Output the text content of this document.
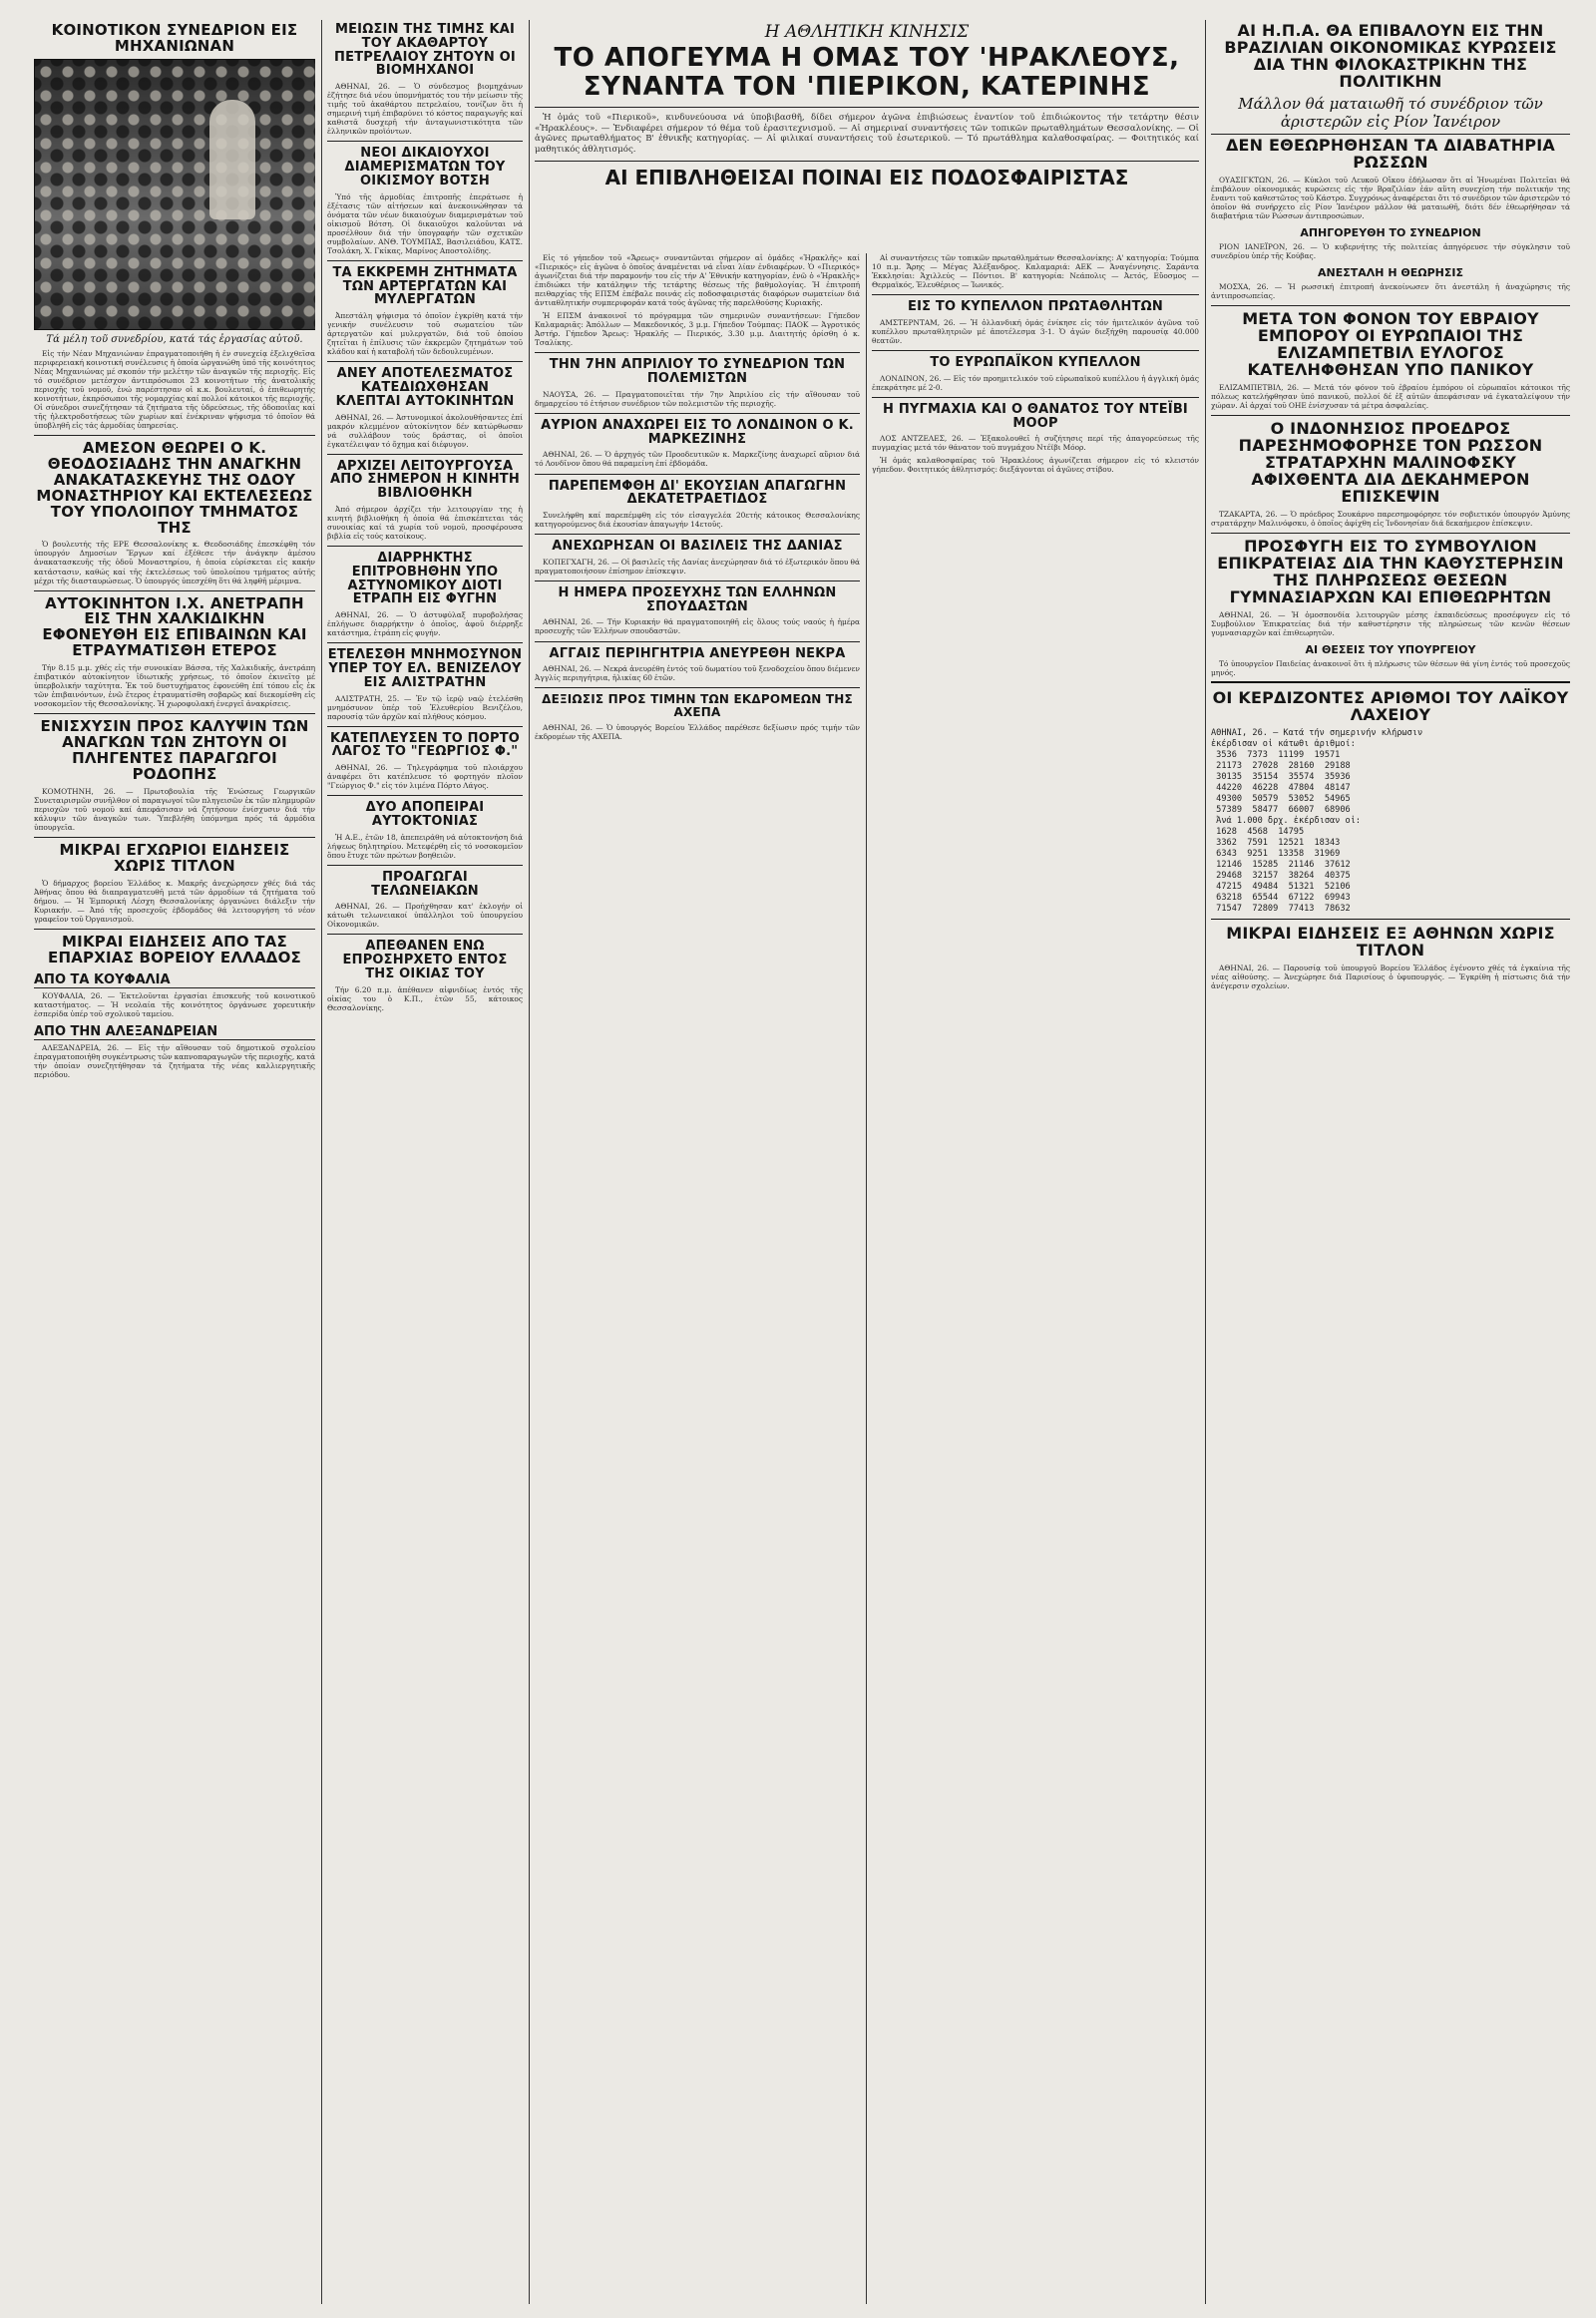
ΚΟΙΝΟΤΙΚΟΝ ΣΥΝΕΔΡΙΟΝ ΕΙΣ ΜΗΧΑΝΙΩΝΑΝ
Τά μέλη τοῦ συνεδρίου, κατά τάς ἐργασίας αὐτοῦ.
Εἰς τήν Νέαν Μηχανιώναν ἐπραγματοποιήθη ἡ ἐν συνεχείᾳ ἐξελιχθεῖσα περιφερειακή κοινοτική συνέλευσις ἡ ὁποία ὠργανώθη ὑπό τῆς κοινότητος Νέας Μηχανιώνας μέ σκοπόν τήν μελέτην τῶν ἀναγκῶν τῆς περιοχῆς. Εἰς τό συνέδριον μετέσχον ἀντιπρόσωποι 23 κοινοτήτων τῆς ἀνατολικῆς περιοχῆς τοῦ νομοῦ, ἐνώ παρέστησαν οἱ κ.κ. βουλευταί, ὁ ἐπιθεωρητής κοινοτήτων, ἐκπρόσωποι τῆς νομαρχίας καί πολλοί κάτοικοι τῆς περιοχῆς. Οἱ σύνεδροι συνεζήτησαν τά ζητήματα τῆς ὑδρεύσεως, τῆς ὁδοποιΐας καί τῆς ἠλεκτροδοτήσεως τῶν χωρίων καί ἐνέκριναν ψήφισμα τό ὁποῖον θά ὑποβληθῆ εἰς τάς ἁρμοδίας ὑπηρεσίας.
ΑΜΕΣΟΝ ΘΕΩΡΕΙ Ο Κ. ΘΕΟΔΟΣΙΑΔΗΣ ΤΗΝ ΑΝΑΓΚΗΝ ΑΝΑΚΑΤΑΣΚΕΥΗΣ ΤΗΣ ΟΔΟΥ ΜΟΝΑΣΤΗΡΙΟΥ ΚΑΙ ΕΚΤΕΛΕΣΕΩΣ ΤΟΥ ΥΠΟΛΟΙΠΟΥ ΤΜΗΜΑΤΟΣ ΤΗΣ
Ὁ βουλευτής τῆς ΕΡΕ Θεσσαλονίκης κ. Θεοδοσιάδης ἐπεσκέφθη τόν ὑπουργόν Δημοσίων Ἔργων καί ἐξέθεσε τήν ἀνάγκην ἀμέσου ἀνακατασκευῆς τῆς ὁδοῦ Μοναστηρίου, ἡ ὁποία εὑρίσκεται εἰς κακήν κατάστασιν, καθώς καί τῆς ἐκτελέσεως τοῦ ὑπολοίπου τμήματος αὐτῆς μέχρι τῆς διασταυρώσεως. Ὁ ὑπουργός ὑπεσχέθη ὅτι θά ληφθῆ μέριμνα.
ΑΥΤΟΚΙΝΗΤΟΝ Ι.Χ. ΑΝΕΤΡΑΠΗ ΕΙΣ ΤΗΝ ΧΑΛΚΙΔΙΚΗΝ ΕΦΟΝΕΥΘΗ ΕΙΣ ΕΠΙΒΑΙΝΩΝ ΚΑΙ ΕΤΡΑΥΜΑΤΙΣΘΗ ΕΤΕΡΟΣ
Τήν 8.15 μ.μ. χθές εἰς τήν συνοικίαν Βάσσα, τῆς Χαλκιδικῆς, ἀνετράπη ἐπιβατικόν αὐτοκίνητον ἰδιωτικῆς χρήσεως, τό ὁποῖον ἐκινεῖτο μέ ὑπερβολικήν ταχύτητα. Ἐκ τοῦ δυστυχήματος ἐφονεύθη ἐπί τόπου εἷς ἐκ τῶν ἐπιβαινόντων, ἐνῶ ἕτερος ἐτραυματίσθη σοβαρῶς καί διεκομίσθη εἰς νοσοκομεῖον τῆς Θεσσαλονίκης. Ἡ χωροφυλακή ἐνεργεῖ ἀνακρίσεις.
ΕΝΙΣΧΥΣΙΝ ΠΡΟΣ ΚΑΛΥΨΙΝ ΤΩΝ ΑΝΑΓΚΩΝ ΤΩΝ ΖΗΤΟΥΝ ΟΙ ΠΛΗΓΕΝΤΕΣ ΠΑΡΑΓΩΓΟΙ ΡΟΔΟΠΗΣ
ΚΟΜΟΤΗΝΗ, 26. — Πρωτοβουλία τῆς Ἑνώσεως Γεωργικῶν Συνεταιρισμῶν συνῆλθον οἱ παραγωγοί τῶν πληγεισῶν ἐκ τῶν πλημμυρῶν περιοχῶν τοῦ νομοῦ καί ἀπεφάσισαν νά ζητήσουν ἐνίσχυσιν διά τήν κάλυψιν τῶν ἀναγκῶν των. Ὑπεβλήθη ὑπόμνημα πρός τά ἁρμόδια ὑπουργεῖα.
ΜΙΚΡΑΙ ΕΓΧΩΡΙΟΙ ΕΙΔΗΣΕΙΣ ΧΩΡΙΣ ΤΙΤΛΟΝ
Ὁ δήμαρχος βορείου Ἑλλάδος κ. Μακρῆς ἀνεχώρησεν χθές διά τάς Ἀθήνας ὅπου θά διαπραγματευθῆ μετά τῶν ἁρμοδίων τά ζητήματα τοῦ δήμου. — Ἡ Ἐμπορική Λέσχη Θεσσαλονίκης ὀργανώνει διάλεξιν τήν Κυριακήν. — Ἀπό τῆς προσεχοῦς ἑβδομάδος θά λειτουργήση τό νέον γραφεῖον τοῦ Ὀργανισμοῦ.
ΜΙΚΡΑΙ ΕΙΔΗΣΕΙΣ ΑΠΟ ΤΑΣ ΕΠΑΡΧΙΑΣ ΒΟΡΕΙΟΥ ΕΛΛΑΔΟΣ
ΑΠΟ ΤΑ ΚΟΥΦΑΛΙΑ
ΚΟΥΦΑΛΙΑ, 26. — Ἐκτελοῦνται ἐργασίαι ἐπισκευῆς τοῦ κοινοτικοῦ καταστήματος. — Ἡ νεολαία τῆς κοινότητος ὀργάνωσε χορευτικήν ἑσπερίδα ὑπέρ τοῦ σχολικοῦ ταμείου.
ΑΠΟ ΤΗΝ ΑΛΕΞΑΝΔΡΕΙΑΝ
ΑΛΕΞΑΝΔΡΕΙΑ, 26. — Εἰς τήν αἴθουσαν τοῦ δημοτικοῦ σχολείου ἐπραγματοποιήθη συγκέντρωσις τῶν καπνοπαραγωγῶν τῆς περιοχῆς, κατά τήν ὁποίαν συνεζητήθησαν τά ζητήματα τῆς νέας καλλιεργητικῆς περιόδου.
ΜΕΙΩΣΙΝ ΤΗΣ ΤΙΜΗΣ ΚΑΙ ΤΟΥ ΑΚΑΘΑΡΤΟΥ ΠΕΤΡΕΛΑΙΟΥ ΖΗΤΟΥΝ ΟΙ ΒΙΟΜΗΧΑΝΟΙ
ΑΘΗΝΑΙ, 26. — Ὁ σύνδεσμος βιομηχάνων ἐζήτησε διά νέου ὑπομνήματός του τήν μείωσιν τῆς τιμῆς τοῦ ἀκαθάρτου πετρελαίου, τονίζων ὅτι ἡ σημερινή τιμή ἐπιβαρύνει τό κόστος παραγωγῆς καί καθιστᾶ δυσχερῆ τήν ἀνταγωνιστικότητα τῶν ἑλληνικῶν προϊόντων.
ΝΕΟΙ ΔΙΚΑΙΟΥΧΟΙ ΔΙΑΜΕΡΙΣΜΑΤΩΝ ΤΟΥ ΟΙΚΙΣΜΟΥ ΒΟΤΣΗ
Ὑπό τῆς ἀρμοδίας ἐπιτροπῆς ἐπεράτωσε ἡ ἐξέτασις τῶν αἰτήσεων καί ἀνεκοινώθησαν τά ὀνόματα τῶν νέων δικαιούχων διαμερισμάτων τοῦ οἰκισμοῦ Βότση. Οἱ δικαιοῦχοι καλοῦνται νά προσέλθουν διά τήν ὑπογραφήν τῶν σχετικῶν συμβολαίων. ΑΝΘ. ΤΟΥΜΠΑΣ, Βασιλειάδου, ΚΑΤΣ. Τσολάκη, Χ. Γκίκας, Μαρίνος Αποστολίδης.
ΤΑ ΕΚΚΡΕΜΗ ΖΗΤΗΜΑΤΑ ΤΩΝ ΑΡΤΕΡΓΑΤΩΝ ΚΑΙ ΜΥΛΕΡΓΑΤΩΝ
Ἀπεστάλη ψήφισμα τό ὁποῖον ἐγκρίθη κατά τήν γενικήν συνέλευσιν τοῦ σωματείου τῶν ἀρτεργατῶν καί μυλεργατῶν, διά τοῦ ὁποίου ζητεῖται ἡ ἐπίλυσις τῶν ἐκκρεμῶν ζητημάτων τοῦ κλάδου καί ἡ καταβολή τῶν δεδουλευμένων.
ΑΝΕΥ ΑΠΟΤΕΛΕΣΜΑΤΟΣ ΚΑΤΕΔΙΩΧΘΗΣΑΝ ΚΛΕΠΤΑΙ ΑΥΤΟΚΙΝΗΤΩΝ
ΑΘΗΝΑΙ, 26. — Ἀστυνομικοί ἀκολουθήσαντες ἐπί μακρόν κλεμμένον αὐτοκίνητον δέν κατώρθωσαν νά συλλάβουν τούς δράστας, οἱ ὁποῖοι ἐγκατέλειψαν τό ὄχημα καί διέφυγον.
ΑΡΧΙΖΕΙ ΛΕΙΤΟΥΡΓΟΥΣΑ ΑΠΟ ΣΗΜΕΡΟΝ Η ΚΙΝΗΤΗ ΒΙΒΛΙΟΘΗΚΗ
Ἀπό σήμερον ἀρχίζει τήν λειτουργίαν της ἡ κινητή βιβλιοθήκη ἡ ὁποία θά ἐπισκέπτεται τάς συνοικίας καί τά χωρία τοῦ νομοῦ, προσφέρουσα βιβλία εἰς τούς κατοίκους.
ΔΙΑΡΡΗΚΤΗΣ ΕΠΙΤΡΟΒΗΘΗΝ ΥΠΟ ΑΣΤΥΝΟΜΙΚΟΥ ΔΙΟΤΙ ΕΤΡΑΠΗ ΕΙΣ ΦΥΓΗΝ
ΑΘΗΝΑΙ, 26. — Ὁ ἀστυφύλαξ πυροβολήσας ἐπλήγωσε διαρρήκτην ὁ ὁποῖος, ἀφοῦ διέρρηξε κατάστημα, ἐτράπη εἰς φυγήν.
ΕΤΕΛΕΣΘΗ ΜΝΗΜΟΣΥΝΟΝ ΥΠΕΡ ΤΟΥ ΕΛ. ΒΕΝΙΖΕΛΟΥ ΕΙΣ ΑΛΙΣΤΡΑΤΗΝ
ΑΛΙΣΤΡΑΤΗ, 25. — Ἐν τῷ ἱερῷ ναῷ ἐτελέσθη μνημόσυνον ὑπέρ τοῦ Ἐλευθερίου Βενιζέλου, παρουσίᾳ τῶν ἀρχῶν καί πλήθους κόσμου.
ΚΑΤΕΠΛΕΥΣΕΝ ΤΟ ΠΟΡΤΟ ΛΑΓΟΣ ΤΟ "ΓΕΩΡΓΙΟΣ Φ."
ΑΘΗΝΑΙ, 26. — Τηλεγράφημα τοῦ πλοιάρχου ἀναφέρει ὅτι κατέπλευσε τό φορτηγόν πλοῖον "Γεώργιος Φ." εἰς τόν λιμένα Πόρτο Λάγος.
ΔΥΟ ΑΠΟΠΕΙΡΑΙ ΑΥΤΟΚΤΟΝΙΑΣ
Ἡ Α.Ε., ἐτῶν 18, ἀπεπειράθη νά αὐτοκτονήση διά λήψεως δηλητηρίου. Μετεφέρθη εἰς τό νοσοκομεῖον ὅπου ἔτυχε τῶν πρώτων βοηθειῶν.
ΠΡΟΑΓΩΓΑΙ ΤΕΛΩΝΕΙΑΚΩΝ
ΑΘΗΝΑΙ, 26. — Προήχθησαν κατ' ἐκλογήν οἱ κάτωθι τελωνειακοί ὑπάλληλοι τοῦ ὑπουργείου Οἰκονομικῶν.
ΑΠΕΘΑΝΕΝ ΕΝΩ ΕΠΡΟΣΗΡΧΕΤΟ ΕΝΤΟΣ ΤΗΣ ΟΙΚΙΑΣ ΤΟΥ
Τήν 6.20 π.μ. ἀπέθανεν αἰφνιδίως ἐντός τῆς οἰκίας του ὁ Κ.Π., ἐτῶν 55, κάτοικος Θεσσαλονίκης.
Η ΑΘΛΗΤΙΚΗ ΚΙΝΗΣΙΣ
ΤΟ ΑΠΟΓΕΥΜΑ Η ΟΜΑΣ ΤΟΥ 'ΗΡΑΚΛΕΟΥΣ, ΣΥΝΑΝΤΑ ΤΟΝ 'ΠΙΕΡΙΚΟΝ, ΚΑΤΕΡΙΝΗΣ
Ἡ ὁμάς τοῦ «Πιερικοῦ», κινδυνεύουσα νά ὑποβιβασθῆ, δίδει σήμερον ἀγῶνα ἐπιβιώσεως ἐναντίον τοῦ ἐπιδιώκοντος τήν τετάρτην θέσιν «Ἡρακλέους». — Ἐνδιαφέρει σήμερον τό θέμα τοῦ ἐρασιτεχνισμοῦ. — Αἱ σημεριναί συναντήσεις τῶν τοπικῶν πρωταθλημάτων Θεσσαλονίκης. — Οἱ ἀγῶνες πρωταθλήματος Β' ἐθνικῆς κατηγορίας. — Αἱ φιλικαί συναντήσεις τοῦ ἐσωτερικοῦ. — Τό πρωτάθλημα καλαθοσφαίρας. — Φοιτητικός καί μαθητικός ἀθλητισμός.
ΑΙ ΕΠΙΒΛΗΘΕΙΣΑΙ ΠΟΙΝΑΙ ΕΙΣ ΠΟΔΟΣΦΑΙΡΙΣΤΑΣ
Εἰς τό γήπεδον τοῦ «Ἄρεως» συναντῶνται σήμερον αἱ ὁμάδες «Ἡρακλῆς» καί «Πιερικός» εἰς ἀγῶνα ὁ ὁποῖος ἀναμένεται νά εἶναι λίαν ἐνδιαφέρων. Ὁ «Πιερικός» ἀγωνίζεται διά τήν παραμονήν του εἰς τήν Α' Ἐθνικήν κατηγορίαν, ἐνῶ ὁ «Ἡρακλῆς» ἐπιδιώκει τήν κατάληψιν τῆς τετάρτης θέσεως τῆς βαθμολογίας. Ἡ ἐπιτροπή πειθαρχίας τῆς ΕΠΣΜ ἐπέβαλε ποινάς εἰς ποδοσφαιριστάς διαφόρων σωματείων διά ἀντιαθλητικήν συμπεριφοράν κατά τούς ἀγῶνας τῆς παρελθούσης Κυριακῆς.
Ἡ ΕΠΣΜ ἀνακοινοῖ τό πρόγραμμα τῶν σημερινῶν συναντήσεων: Γήπεδον Καλαμαριᾶς: Ἀπόλλων — Μακεδονικός, 3 μ.μ. Γήπεδον Τούμπας: ΠΑΟΚ — Ἀγροτικός Ἀστήρ. Γήπεδον Ἄρεως: Ἡρακλῆς — Πιερικός, 3.30 μ.μ. Διαιτητής ὁρίσθη ὁ κ. Τσαλίκης.
ΤΗΝ 7ΗΝ ΑΠΡΙΛΙΟΥ ΤΟ ΣΥΝΕΔΡΙΟΝ ΤΩΝ ΠΟΛΕΜΙΣΤΩΝ
ΝΑΟΥΣΑ, 26. — Πραγματοποιεῖται τήν 7ην Ἀπριλίου εἰς τήν αἴθουσαν τοῦ δημαρχείου τό ἐτήσιον συνέδριον τῶν πολεμιστῶν τῆς περιοχῆς.
ΑΥΡΙΟΝ ΑΝΑΧΩΡΕΙ ΕΙΣ ΤΟ ΛΟΝΔΙΝΟΝ Ο Κ. ΜΑΡΚΕΖΙΝΗΣ
ΑΘΗΝΑΙ, 26. — Ὁ ἀρχηγός τῶν Προοδευτικῶν κ. Μαρκεζίνης ἀναχωρεῖ αὔριον διά τό Λονδῖνον ὅπου θά παραμείνη ἐπί ἑβδομάδα.
ΠΑΡΕΠΕΜΦΘΗ ΔΙ' ΕΚΟΥΣΙΑΝ ΑΠΑΓΩΓΗΝ ΔΕΚΑΤΕΤΡΑΕΤΙΔΟΣ
Συνελήφθη καί παρεπέμφθη εἰς τόν εἰσαγγελέα 20ετής κάτοικος Θεσσαλονίκης κατηγορούμενος διά ἑκουσίαν ἀπαγωγήν 14ετοῦς.
ΑΝΕΧΩΡΗΣΑΝ ΟΙ ΒΑΣΙΛΕΙΣ ΤΗΣ ΔΑΝΙΑΣ
ΚΟΠΕΓΧΑΓΗ, 26. — Οἱ βασιλεῖς τῆς Δανίας ἀνεχώρησαν διά τό ἐξωτερικόν ὅπου θά πραγματοποιήσουν ἐπίσημον ἐπίσκεψιν.
Η ΗΜΕΡΑ ΠΡΟΣΕΥΧΗΣ ΤΩΝ ΕΛΛΗΝΩΝ ΣΠΟΥΔΑΣΤΩΝ
ΑΘΗΝΑΙ, 26. — Τήν Κυριακήν θά πραγματοποιηθῆ εἰς ὅλους τούς ναούς ἡ ἡμέρα προσευχῆς τῶν Ἑλλήνων σπουδαστῶν.
ΑΓΓΑΙΣ ΠΕΡΙΗΓΗΤΡΙΑ ΑΝΕΥΡΕΘΗ ΝΕΚΡΑ
ΑΘΗΝΑΙ, 26. — Νεκρά ἀνευρέθη ἐντός τοῦ δωματίου τοῦ ξενοδοχείου ὅπου διέμενεν Ἀγγλίς περιηγήτρια, ἡλικίας 60 ἐτῶν.
ΔΕΞΙΩΣΙΣ ΠΡΟΣ ΤΙΜΗΝ ΤΩΝ ΕΚΔΡΟΜΕΩΝ ΤΗΣ ΑΧΕΠΑ
ΑΘΗΝΑΙ, 26. — Ὁ ὑπουργός Βορείου Ἑλλάδος παρέθεσε δεξίωσιν πρός τιμήν τῶν ἐκδρομέων τῆς ΑΧΕΠΑ.
Αἱ συναντήσεις τῶν τοπικῶν πρωταθλημάτων Θεσσαλονίκης: Α' κατηγορία: Τούμπα 10 π.μ. Ἄρης — Μέγας Ἀλέξανδρος. Καλαμαριά: ΑΕΚ — Ἀναγέννησις. Σαράντα Ἐκκλησίαι: Ἀχιλλεύς — Πόντιοι. Β' κατηγορία: Νεάπολις — Ἀετός, Εὔοσμος — Θερμαϊκός, Ἐλευθέριος — Ἰωνικός.
ΕΙΣ ΤΟ ΚΥΠΕΛΛΟΝ ΠΡΩΤΑΘΛΗΤΩΝ
ΑΜΣΤΕΡΝΤΑΜ, 26. — Ἡ ὁλλανδική ὁμάς ἐνίκησε εἰς τόν ἡμιτελικόν ἀγῶνα τοῦ κυπέλλου πρωταθλητριῶν μέ ἀποτέλεσμα 3-1. Ὁ ἀγών διεξήχθη παρουσίᾳ 40.000 θεατῶν.
ΤΟ ΕΥΡΩΠΑΪΚΟΝ ΚΥΠΕΛΛΟΝ
ΛΟΝΔΙΝΟΝ, 26. — Εἰς τόν προημιτελικόν τοῦ εὐρωπαϊκοῦ κυπέλλου ἡ ἀγγλική ὁμάς ἐπεκράτησε μέ 2-0.
Η ΠΥΓΜΑΧΙΑ ΚΑΙ Ο ΘΑΝΑΤΟΣ ΤΟΥ ΝΤΕΪΒΙ ΜΟΟΡ
ΛΟΣ ΑΝΤΖΕΛΕΣ, 26. — Ἐξακολουθεῖ ἡ συζήτησις περί τῆς ἀπαγορεύσεως τῆς πυγμαχίας μετά τόν θάνατον τοῦ πυγμάχου Ντέϊβι Μόορ.
Ἡ ὁμάς καλαθοσφαίρας τοῦ Ἡρακλέους ἀγωνίζεται σήμερον εἰς τό κλειστόν γήπεδον. Φοιτητικός ἀθλητισμός: διεξάγονται οἱ ἀγῶνες στίβου.
ΑΙ Η.Π.Α. ΘΑ ΕΠΙΒΑΛΟΥΝ ΕΙΣ ΤΗΝ ΒΡΑΖΙΛΙΑΝ ΟΙΚΟΝΟΜΙΚΑΣ ΚΥΡΩΣΕΙΣ ΔΙΑ ΤΗΝ ΦΙΛΟΚΑΣΤΡΙΚΗΝ ΤΗΣ ΠΟΛΙΤΙΚΗΝ
Μάλλον θά ματαιωθῆ τό συνέδριον τῶν ἀριστερῶν εἰς Ρίον Ἰανέιρον
ΔΕΝ ΕΘΕΩΡΗΘΗΣΑΝ ΤΑ ΔΙΑΒΑΤΗΡΙΑ ΡΩΣΣΩΝ
ΟΥΑΣΙΓΚΤΩΝ, 26. — Κύκλοι τοῦ Λευκοῦ Οἴκου ἐδήλωσαν ὅτι αἱ Ἡνωμέναι Πολιτεῖαι θά ἐπιβάλουν οἰκονομικάς κυρώσεις εἰς τήν Βραζιλίαν ἐάν αὕτη συνεχίση τήν πολιτικήν της ἔναντι τοῦ καθεστῶτος τοῦ Κάστρο. Συγχρόνως ἀναφέρεται ὅτι τό συνέδριον τῶν ἀριστερῶν τό ὁποῖον θά συνήρχετο εἰς Ρίον Ἰανέιρον μάλλον θά ματαιωθῆ, διότι δέν ἐθεωρήθησαν τά διαβατήρια τῶν Ρώσσων ἀντιπροσώπων.
ΑΠΗΓΟΡΕΥΘΗ ΤΟ ΣΥΝΕΔΡΙΟΝ
ΡΙΟΝ ΙΑΝΕΪΡΟΝ, 26. — Ὁ κυβερνήτης τῆς πολιτείας ἀπηγόρευσε τήν σύγκλησιν τοῦ συνεδρίου ὑπέρ τῆς Κούβας.
ΑΝΕΣΤΑΛΗ Η ΘΕΩΡΗΣΙΣ
ΜΟΣΧΑ, 26. — Ἡ ρωσσική ἐπιτροπή ἀνεκοίνωσεν ὅτι ἀνεστάλη ἡ ἀναχώρησις τῆς ἀντιπροσωπείας.
ΜΕΤΑ ΤΟΝ ΦΟΝΟΝ ΤΟΥ ΕΒΡΑΙΟΥ ΕΜΠΟΡΟΥ ΟΙ ΕΥΡΩΠΑΙΟΙ ΤΗΣ ΕΛΙΖΑΜΠΕΤΒΙΛ ΕΥΛΟΓΟΣ ΚΑΤΕΛΗΦΘΗΣΑΝ ΥΠΟ ΠΑΝΙΚΟΥ
ΕΛΙΖΑΜΠΕΤΒΙΛ, 26. — Μετά τόν φόνον τοῦ ἑβραίου ἐμπόρου οἱ εὐρωπαῖοι κάτοικοι τῆς πόλεως κατελήφθησαν ὑπό πανικοῦ, πολλοί δέ ἐξ αὐτῶν ἀπεφάσισαν νά ἐγκαταλείψουν τήν χώραν. Αἱ ἀρχαί τοῦ ΟΗΕ ἐνίσχυσαν τά μέτρα ἀσφαλείας.
Ο ΙΝΔΟΝΗΣΙΟΣ ΠΡΟΕΔΡΟΣ ΠΑΡΕΣΗΜΟΦΟΡΗΣΕ ΤΟΝ ΡΩΣΣΟΝ ΣΤΡΑΤΑΡΧΗΝ ΜΑΛΙΝΟΦΣΚΥ ΑΦΙΧΘΕΝΤΑ ΔΙΑ ΔΕΚΑΗΜΕΡΟΝ ΕΠΙΣΚΕΨΙΝ
ΤΖΑΚΑΡΤΑ, 26. — Ὁ πρόεδρος Σουκάρνο παρεσημοφόρησε τόν σοβιετικόν ὑπουργόν Ἀμύνης στρατάρχην Μαλινόφσκυ, ὁ ὁποῖος ἀφίχθη εἰς Ἰνδονησίαν διά δεκαήμερον ἐπίσκεψιν.
ΠΡΟΣΦΥΓΗ ΕΙΣ ΤΟ ΣΥΜΒΟΥΛΙΟΝ ΕΠΙΚΡΑΤΕΙΑΣ ΔΙΑ ΤΗΝ ΚΑΘΥΣΤΕΡΗΣΙΝ ΤΗΣ ΠΛΗΡΩΣΕΩΣ ΘΕΣΕΩΝ ΓΥΜΝΑΣΙΑΡΧΩΝ ΚΑΙ ΕΠΙΘΕΩΡΗΤΩΝ
ΑΘΗΝΑΙ, 26. — Ἡ ὁμοσπονδία λειτουργῶν μέσης ἐκπαιδεύσεως προσέφυγεν εἰς τό Συμβούλιον Ἐπικρατείας διά τήν καθυστέρησιν τῆς πληρώσεως τῶν κενῶν θέσεων γυμνασιαρχῶν καί ἐπιθεωρητῶν.
ΑΙ ΘΕΣΕΙΣ ΤΟΥ ΥΠΟΥΡΓΕΙΟΥ
Τό ὑπουργεῖον Παιδείας ἀνακοινοῖ ὅτι ἡ πλήρωσις τῶν θέσεων θά γίνη ἐντός τοῦ προσεχοῦς μηνός.
ΟΙ ΚΕΡΔΙΖΟΝΤΕΣ ΑΡΙΘΜΟΙ ΤΟΥ ΛΑΪΚΟΥ ΛΑΧΕΙΟΥ
ΑΘΗΝΑΙ, 26. — Κατά τήν σημερινήν κλήρωσιν
ἐκέρδισαν οἱ κάτωθι ἀριθμοί:
3536  7373  11199  19571
21173  27028  28160  29188
30135  35154  35574  35936
44220  46228  47804  48147
49300  50579  53052  54965
57389  58477  66007  68906
Ἀνά 1.000 δρχ. ἐκέρδισαν οἱ:
1628  4568  14795
3362  7591  12521  18343
6343  9251  13358  31969
12146  15285  21146  37612
29468  32157  38264  40375
47215  49484  51321  52106
63218  65544  67122  69943
71547  72809  77413  78632
ΜΙΚΡΑΙ ΕΙΔΗΣΕΙΣ ΕΞ ΑΘΗΝΩΝ ΧΩΡΙΣ ΤΙΤΛΟΝ
ΑΘΗΝΑΙ, 26. — Παρουσίᾳ τοῦ ὑπουργοῦ Βορείου Ἑλλάδος ἐγένοντο χθές τά ἐγκαίνια τῆς νέας αἰθούσης. — Ἀνεχώρησε διά Παρισίους ὁ ὑφυπουργός. — Ἐγκρίθη ἡ πίστωσις διά τήν ἀνέγερσιν σχολείων.
